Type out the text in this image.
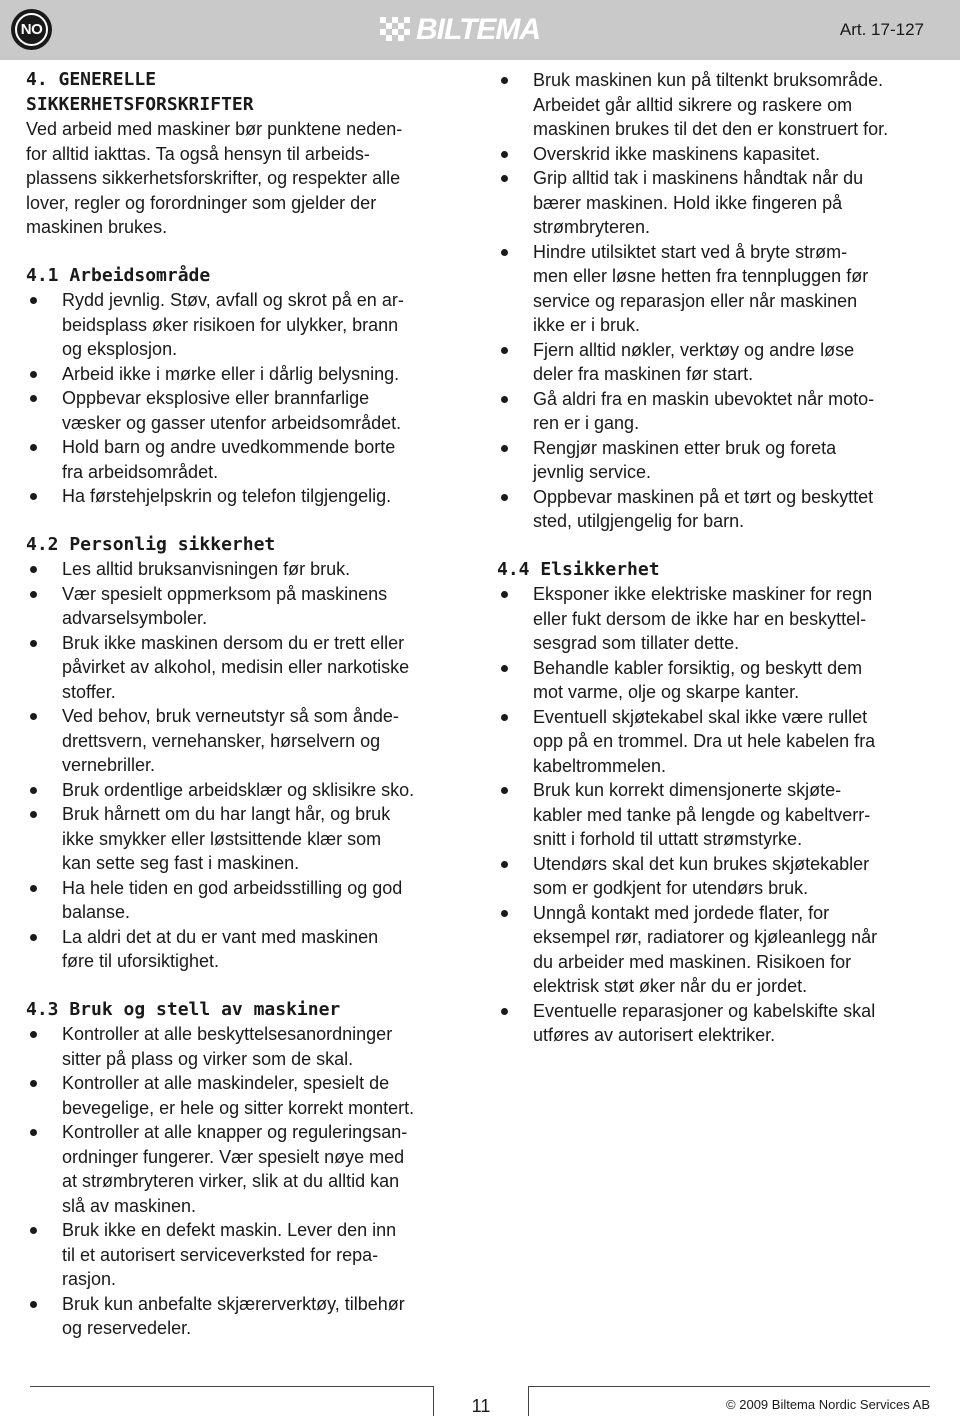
NO	BILTEMA	Art. 17-127
4. GENERELLE
SIKKERHETSFORSKRIFTER

Ved arbeid med maskiner bør punktene neden-
for alltid iakttas. Ta også hensyn til arbeids-
plassens sikkerhetsforskrifter, og respekter alle
lover, regler og forordninger som gjelder der
maskinen brukes.

4.1 Arbeidsområde
Rydd jevnlig. Støv, avfall og skrot på en ar-
beidsplass øker risikoen for ulykker, brann
og eksplosjon.
Arbeid ikke i mørke eller i dårlig belysning.
Oppbevar eksplosive eller brannfarlige
væsker og gasser utenfor arbeidsområdet.
Hold barn og andre uvedkommende borte
fra arbeidsområdet.
Ha førstehjelpskrin og telefon tilgjengelig.
4.2 Personlig sikkerhet
Les alltid bruksanvisningen før bruk.
Vær spesielt oppmerksom på maskinens
advarselsymboler.
Bruk ikke maskinen dersom du er trett eller
påvirket av alkohol, medisin eller narkotiske
stoffer.
Ved behov, bruk verneutstyr så som ånde-
drettsvern, vernehansker, hørselvern og
vernebriller.
Bruk ordentlige arbeidsklær og sklisikre sko.
Bruk hårnett om du har langt hår, og bruk
ikke smykker eller løstsittende klær som
kan sette seg fast i maskinen.
Ha hele tiden en god arbeidsstilling og god
balanse.
La aldri det at du er vant med maskinen
føre til uforsiktighet.
4.3 Bruk og stell av maskiner
Kontroller at alle beskyttelsesanordninger
sitter på plass og virker som de skal.
Kontroller at alle maskindeler, spesielt de
bevegelige, er hele og sitter korrekt montert.
Kontroller at alle knapper og reguleringsan-
ordninger fungerer. Vær spesielt nøye med
at strømbryteren virker, slik at du alltid kan
slå av maskinen.
Bruk ikke en defekt maskin. Lever den inn
til et autorisert serviceverksted for repa-
rasjon.
Bruk kun anbefalte skjærerverktøy, tilbehør
og reservedeler.
Bruk maskinen kun på tiltenkt bruksområde.
Arbeidet går alltid sikrere og raskere om
maskinen brukes til det den er konstruert for.
Overskrid ikke maskinens kapasitet.
Grip alltid tak i maskinens håndtak når du
bærer maskinen. Hold ikke fingeren på
strømbryteren.
Hindre utilsiktet start ved å bryte strøm-
men eller løsne hetten fra tennpluggen før
service og reparasjon eller når maskinen
ikke er i bruk.
Fjern alltid nøkler, verktøy og andre løse
deler fra maskinen før start.
Gå aldri fra en maskin ubevoktet når moto-
ren er i gang.
Rengjør maskinen etter bruk og foreta
jevnlig service.
Oppbevar maskinen på et tørt og beskyttet
sted, utilgjengelig for barn.
4.4 Elsikkerhet
Eksponer ikke elektriske maskiner for regn
eller fukt dersom de ikke har en beskyttel-
sesgrad som tillater dette.
Behandle kabler forsiktig, og beskytt dem
mot varme, olje og skarpe kanter.
Eventuell skjøtekabel skal ikke være rullet
opp på en trommel. Dra ut hele kabelen fra
kabeltrommelen.
Bruk kun korrekt dimensjonerte skjøte-
kabler med tanke på lengde og kabeltverr-
snitt i forhold til uttatt strømstyrke.
Utendørs skal det kun brukes skjøtekabler
som er godkjent for utendørs bruk.
Unngå kontakt med jordede flater, for
eksempel rør, radiatorer og kjøleanlegg når
du arbeider med maskinen. Risikoen for
elektrisk støt øker når du er jordet.
Eventuelle reparasjoner og kabelskifte skal
utføres av autorisert elektriker.
11	© 2009 Biltema Nordic Services AB
